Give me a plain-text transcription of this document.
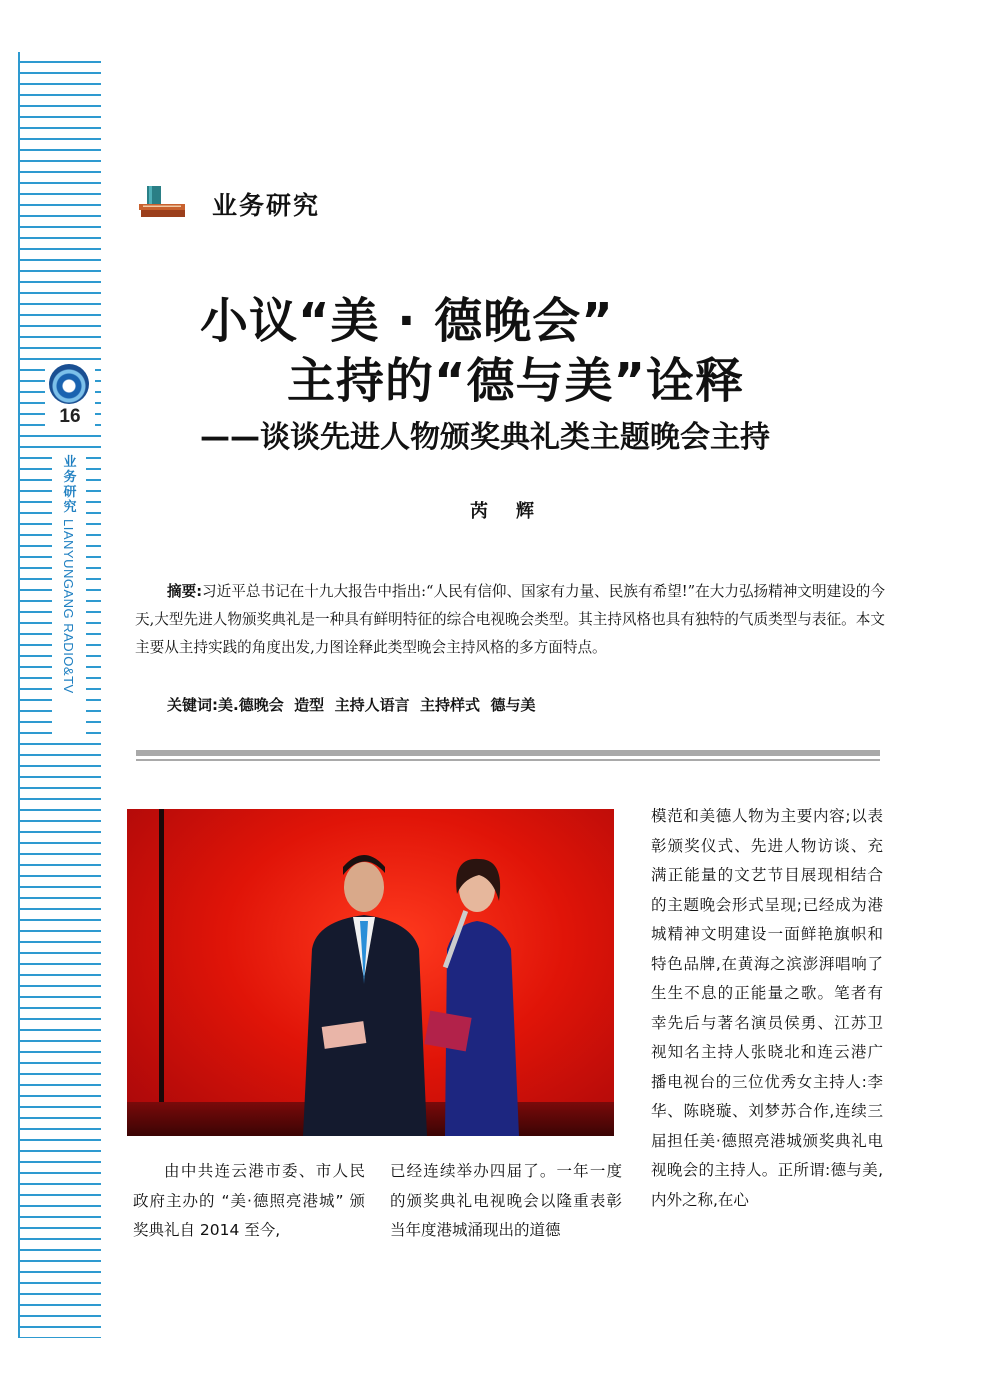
16
业务研究
LIANYUNGANG RADIO&TV
业务研究
小议“美 · 德晚会”
主持的“德与美”诠释
——谈谈先进人物颁奖典礼类主题晚会主持
芮辉
摘要:习近平总书记在十九大报告中指出:“人民有信仰、国家有力量、民族有希望!”在大力弘扬精神文明建设的今天,大型先进人物颁奖典礼是一种具有鲜明特征的综合电视晚会类型。其主持风格也具有独特的气质类型与表征。本文主要从主持实践的角度出发,力图诠释此类型晚会主持风格的多方面特点。
关键词:美.德晚会  造型  主持人语言  主持样式  德与美
由中共连云港市委、市人民政府主办的 “美·德照亮港城” 颁奖典礼自 2014 至今,
已经连续举办四届了。一年一度的颁奖典礼电视晚会以隆重表彰当年度港城涌现出的道德
模范和美德人物为主要内容;以表彰颁奖仪式、先进人物访谈、充满正能量的文艺节目展现相结合的主题晚会形式呈现;已经成为港城精神文明建设一面鲜艳旗帜和特色品牌,在黄海之滨澎湃唱响了生生不息的正能量之歌。笔者有幸先后与著名演员侯勇、江苏卫视知名主持人张晓北和连云港广播电视台的三位优秀女主持人:李华、陈晓璇、刘梦苏合作,连续三届担任美·德照亮港城颁奖典礼电视晚会的主持人。正所谓:德与美,内外之称,在心
